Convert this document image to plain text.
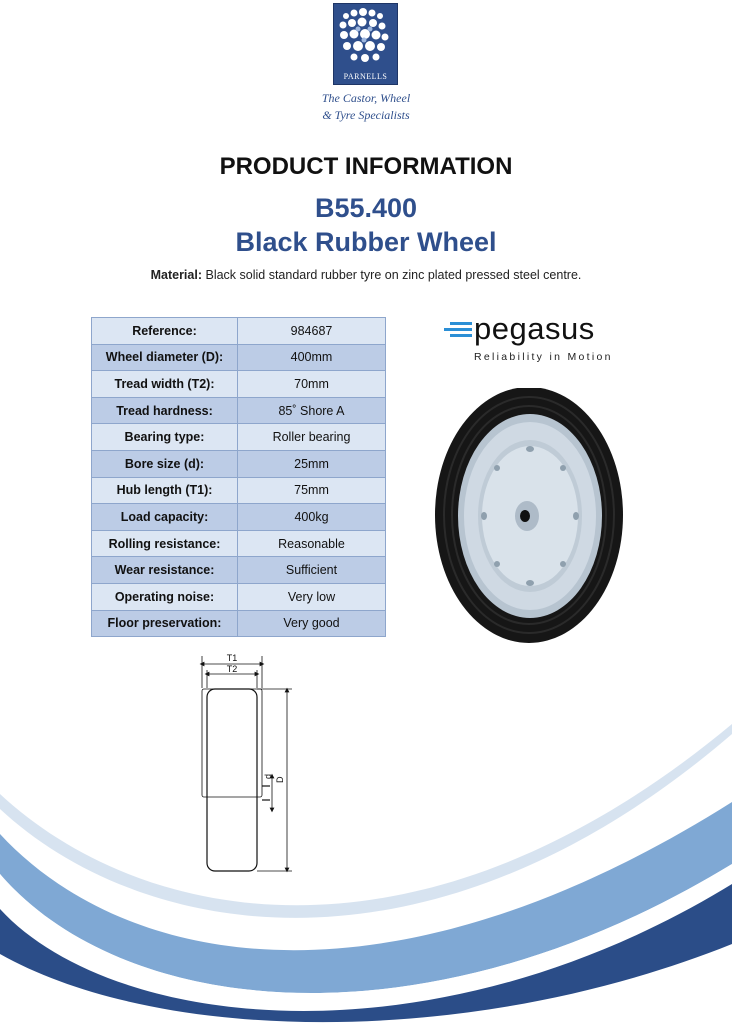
PARNELLS
The Castor, Wheel
& Tyre Specialists
PRODUCT INFORMATION
B55.400
Black Rubber Wheel
Material: Black solid standard rubber tyre on zinc plated pressed steel centre.
Reference:	984687
Wheel diameter (D):	400mm
Tread width (T2):	70mm
Tread hardness:	85˚ Shore A
Bearing type:	Roller bearing
Bore size (d):	25mm
Hub length (T1):	75mm
Load capacity:	400kg
Rolling resistance:	Reasonable
Wear resistance:	Sufficient
Operating noise:	Very low
Floor preservation:	Very good
pegasus
Reliability in Motion
T1
T2
d
D
